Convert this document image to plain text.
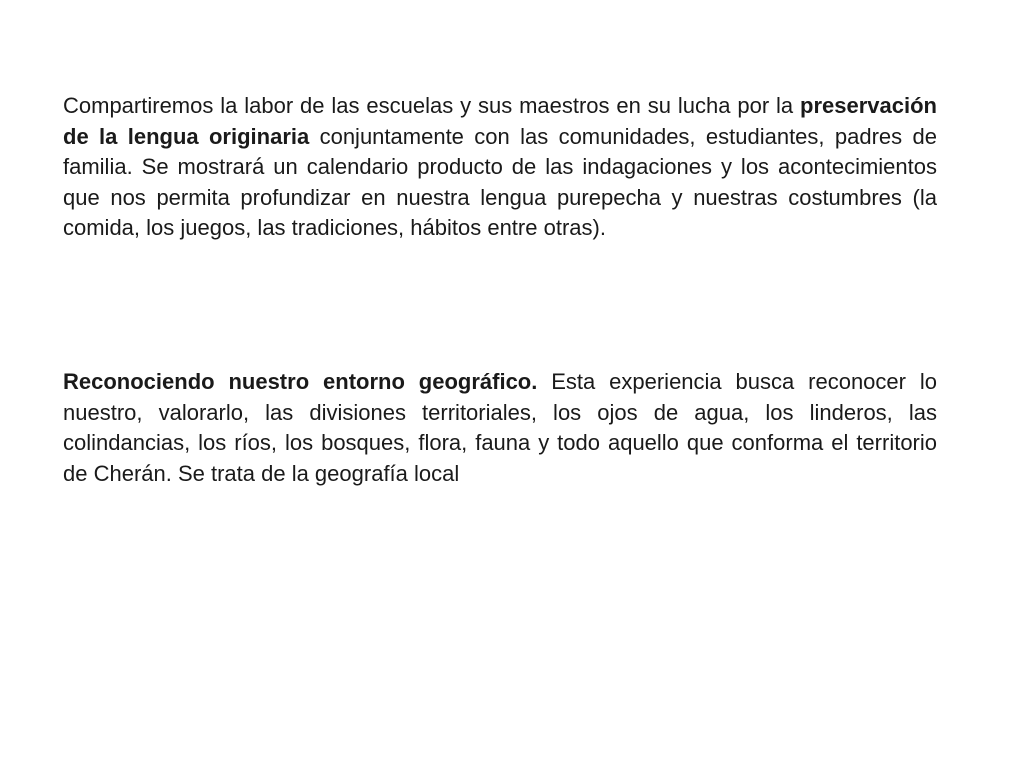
Compartiremos la labor de las escuelas y sus maestros en su lucha por la preservación de la lengua originaria conjuntamente con las comunidades, estudiantes, padres de familia. Se mostrará un calendario producto de las indagaciones y los acontecimientos que nos permita profundizar en nuestra lengua purepecha y nuestras costumbres (la comida, los juegos, las tradiciones, hábitos entre otras).

Reconociendo nuestro entorno geográfico. Esta experiencia busca reconocer lo nuestro, valorarlo, las divisiones territoriales, los ojos de agua, los linderos, las colindancias, los ríos, los bosques, flora, fauna y todo aquello que conforma el territorio de Cherán. Se trata de la geografía local
